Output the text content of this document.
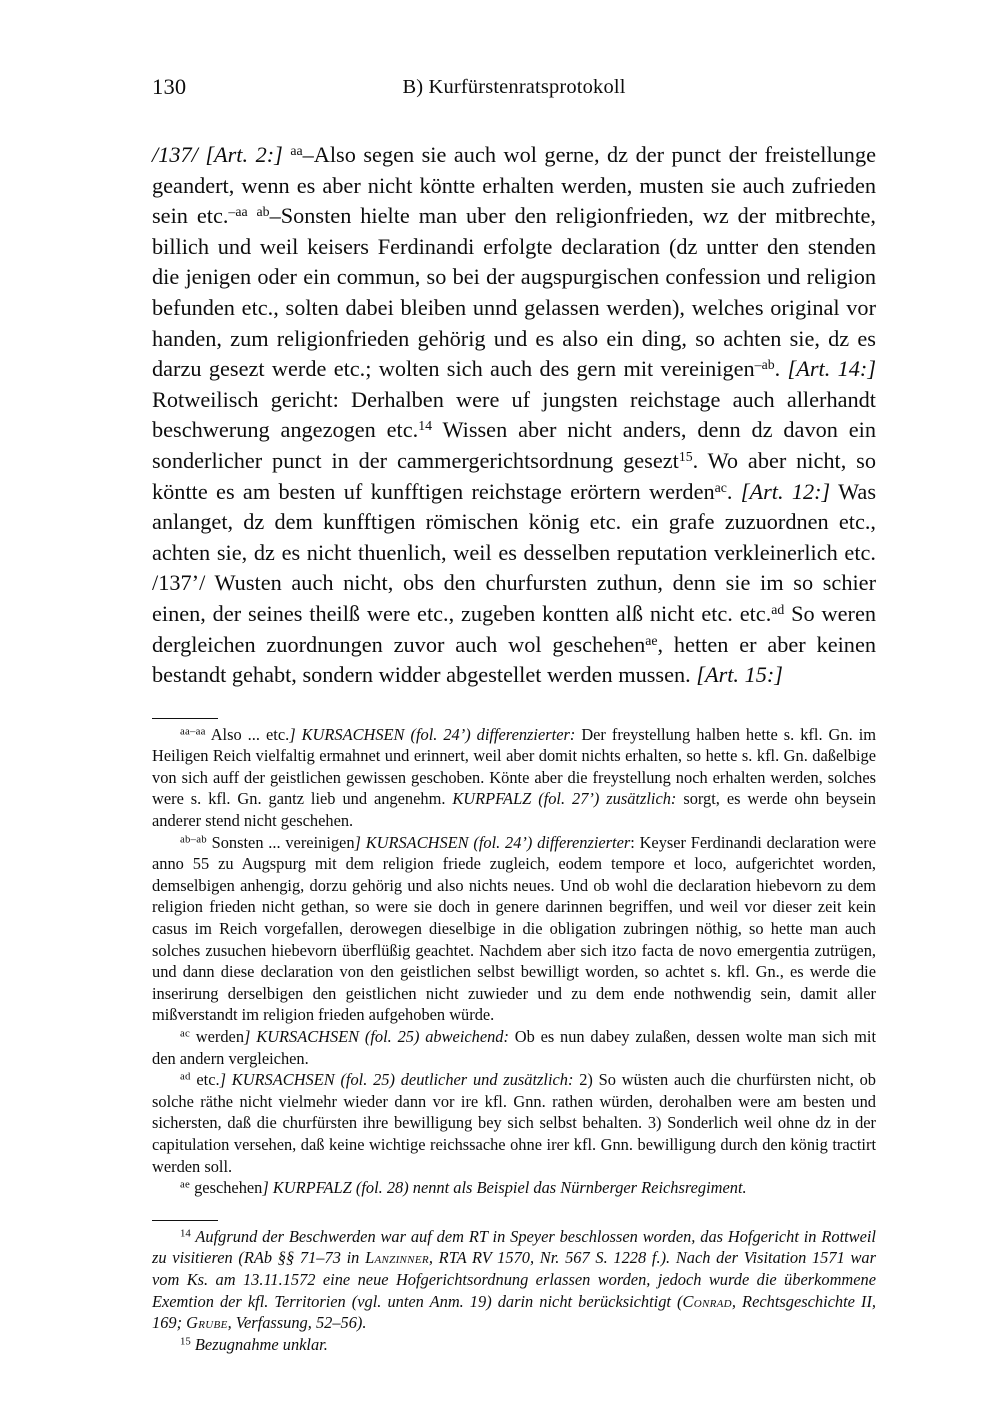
130	B) Kurfürstenratsprotokoll
/137/ [Art. 2:] $^{aa}$–Also segen sie auch wol gerne, dz der punct der freistellunge geandert, wenn es aber nicht köntte erhalten werden, musten sie auch zufrieden sein etc.$^{-aa}$ $^{ab}$–Sonsten hielte man uber den religionfrieden, wz der mitbrechte, billich und weil keisers Ferdinandi erfolgte declaration (dz untter den stenden die jenigen oder ein commun, so bei der augspurgischen confession und religion befunden etc., solten dabei bleiben unnd gelassen werden), welches original vor handen, zum religionfrieden gehörig und es also ein ding, so achten sie, dz es darzu gesezt werde etc.; wolten sich auch des gern mit vereinigen$^{-ab}$. [Art. 14:] Rotweilisch gericht: Derhalben were uf jungsten reichstage auch allerhandt beschwerung angezogen etc.$^{14}$ Wissen aber nicht anders, denn dz davon ein sonderlicher punct in der cammergerichtsordnung gesezt$^{15}$. Wo aber nicht, so köntte es am besten uf kunfftigen reichstage erörtern werden$^{ac}$. [Art. 12:] Was anlanget, dz dem kunfftigen römischen könig etc. ein grafe zuzuordnen etc., achten sie, dz es nicht thuenlich, weil es desselben reputation verkleinerlich etc. /137’/ Wusten auch nicht, obs den churfursten zuthun, denn sie im so schier einen, der seines theilß were etc., zugeben kontten alß nicht etc. etc.$^{ad}$ So weren dergleichen zuordnungen zuvor auch wol geschehen$^{ae}$, hetten er aber keinen bestandt gehabt, sondern widder abgestellet werden mussen. [Art. 15:]

$^{aa-aa}$ Also ... etc.] KURSACHSEN (fol. 24’) differenzierter: Der freystellung halben hette s. kfl. Gn. im Heiligen Reich vielfaltig ermahnet und erinnert, weil aber domit nichts erhalten, so hette s. kfl. Gn. daßelbige von sich auff der geistlichen gewissen geschoben. Könte aber die freystellung noch erhalten werden, solches were s. kfl. Gn. gantz lieb und angenehm. KURPFALZ (fol. 27’) zusätzlich: sorgt, es werde ohn beysein anderer stend nicht geschehen.

$^{ab-ab}$ Sonsten ... vereinigen] KURSACHSEN (fol. 24’) differenzierter: Keyser Ferdinandi declaration were anno 55 zu Augspurg mit dem religion friede zugleich, eodem tempore et loco, aufgerichtet worden, demselbigen anhengig, dorzu gehörig und also nichts neues. Und ob wohl die declaration hiebevorn zu dem religion frieden nicht gethan, so were sie doch in genere darinnen begriffen, und weil vor dieser zeit kein casus im Reich vorgefallen, derowegen dieselbige in die obligation zubringen nöthig, so hette man auch solches zusuchen hiebevorn überflüßig geachtet. Nachdem aber sich itzo facta de novo emergentia zutrügen, und dann diese declaration von den geistlichen selbst bewilligt worden, so achtet s. kfl. Gn., es werde die inserirung derselbigen den geistlichen nicht zuwieder und zu dem ende nothwendig sein, damit aller mißverstandt im religion frieden aufgehoben würde.

$^{ac}$ werden] KURSACHSEN (fol. 25) abweichend: Ob es nun dabey zulaßen, dessen wolte man sich mit den andern vergleichen.

$^{ad}$ etc.] KURSACHSEN (fol. 25) deutlicher und zusätzlich: 2) So wüsten auch die churfürsten nicht, ob solche räthe nicht vielmehr wieder dann vor ire kfl. Gnn. rathen würden, derohalben were am besten und sichersten, daß die churfürsten ihre bewilligung bey sich selbst behalten. 3) Sonderlich weil ohne dz in der capitulation versehen, daß keine wichtige reichssache ohne irer kfl. Gnn. bewilligung durch den könig tractirt werden soll.

$^{ae}$ geschehen] KURPFALZ (fol. 28) nennt als Beispiel das Nürnberger Reichsregiment.

$^{14}$ Aufgrund der Beschwerden war auf dem RT in Speyer beschlossen worden, das Hofgericht in Rottweil zu visitieren (RAb §§ 71–73 in Lanzinner, RTA RV 1570, Nr. 567 S. 1228 f.). Nach der Visitation 1571 war vom Ks. am 13.11.1572 eine neue Hofgerichtsordnung erlassen worden, jedoch wurde die überkommene Exemtion der kfl. Territorien (vgl. unten Anm. 19) darin nicht berücksichtigt (Conrad, Rechtsgeschichte II, 169; Grube, Verfassung, 52–56).

$^{15}$ Bezugnahme unklar.
